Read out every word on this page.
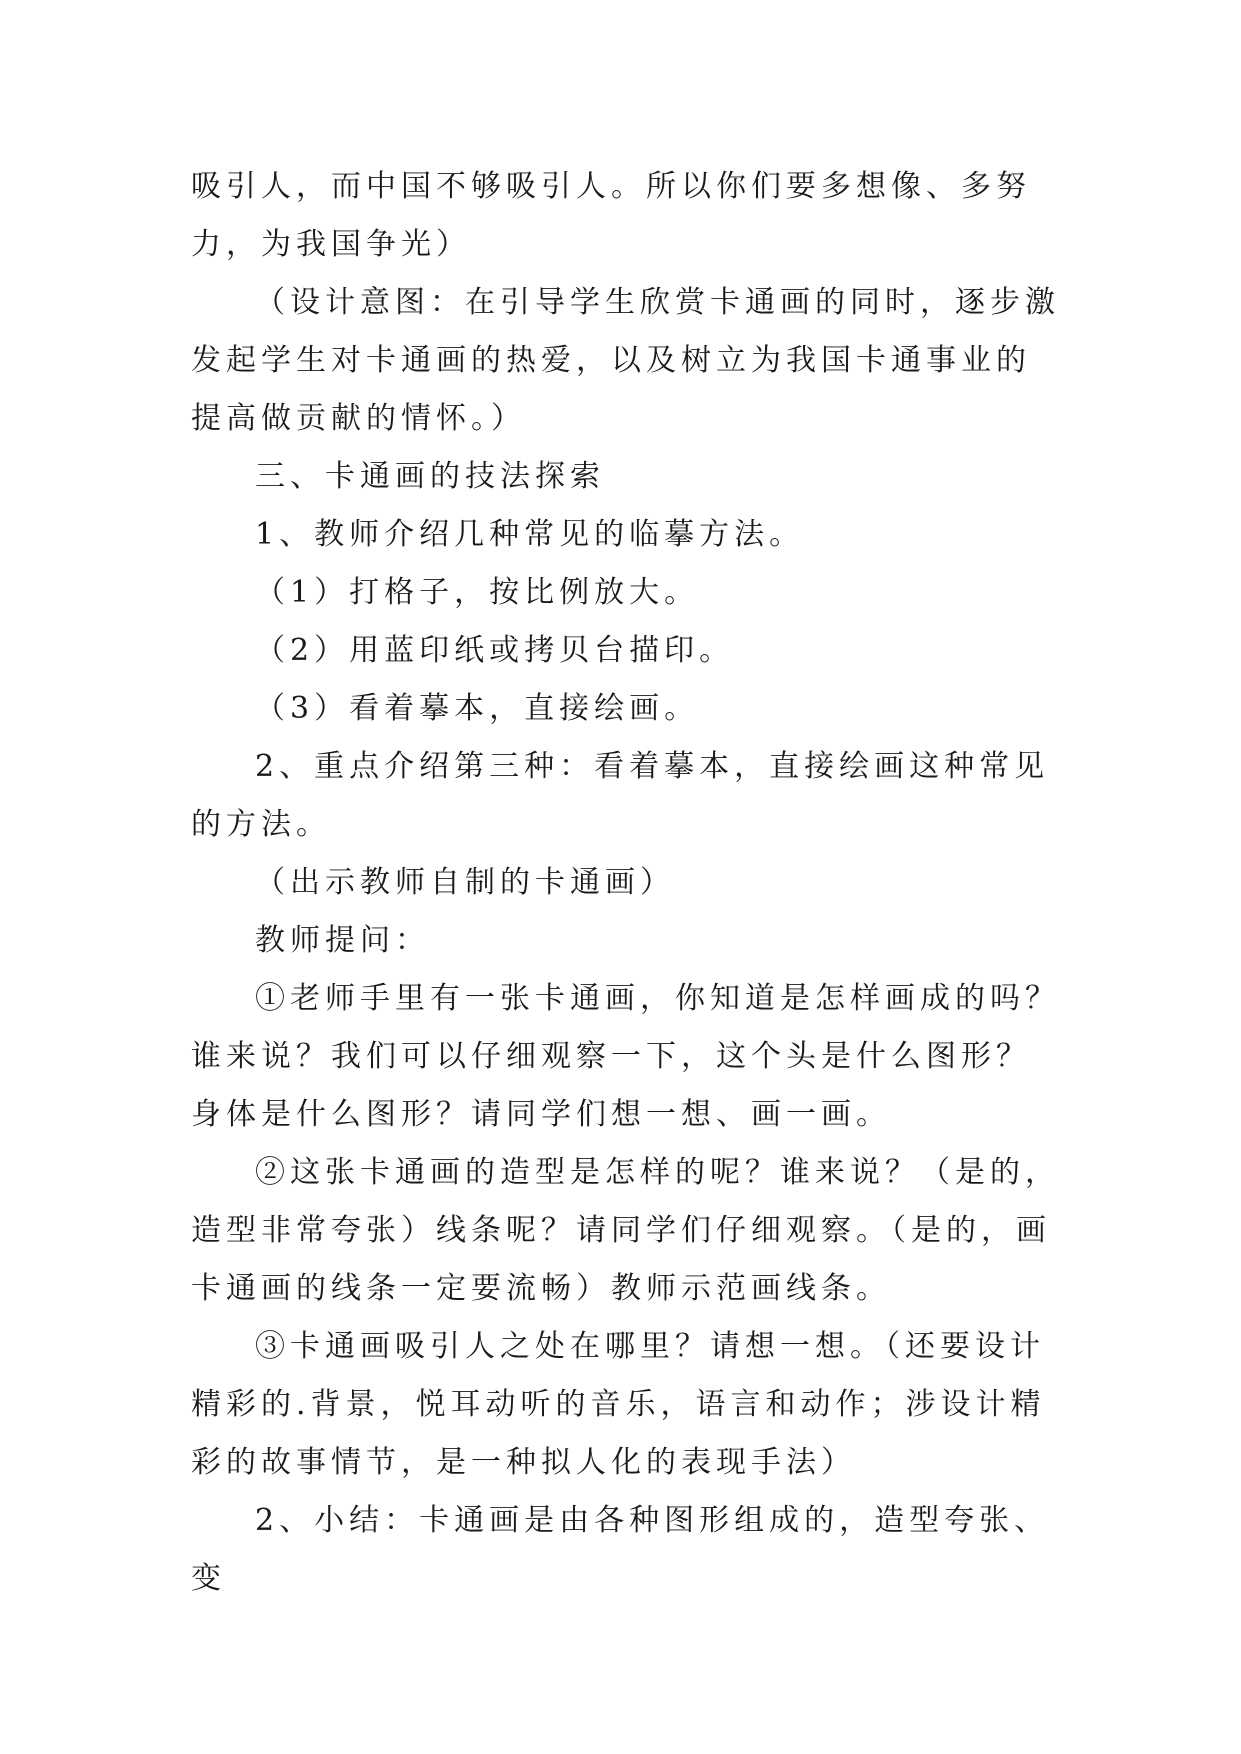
吸引人，而中国不够吸引人。所以你们要多想像、多努力，为我国争光）

（设计意图：在引导学生欣赏卡通画的同时，逐步激发起学生对卡通画的热爱，以及树立为我国卡通事业的提高做贡献的情怀。）

三、卡通画的技法探索

1、教师介绍几种常见的临摹方法。

（1）打格子，按比例放大。

（2）用蓝印纸或拷贝台描印。

（3）看着摹本，直接绘画。

2、重点介绍第三种：看着摹本，直接绘画这种常见的方法。

（出示教师自制的卡通画）

教师提问：

①老师手里有一张卡通画，你知道是怎样画成的吗？谁来说？我们可以仔细观察一下，这个头是什么图形？身体是什么图形？请同学们想一想、画一画。

②这张卡通画的造型是怎样的呢？谁来说？（是的，造型非常夸张）线条呢？请同学们仔细观察。（是的，画卡通画的线条一定要流畅）教师示范画线条。

③卡通画吸引人之处在哪里？请想一想。（还要设计精彩的.背景，悦耳动听的音乐，语言和动作；涉设计精彩的故事情节，是一种拟人化的表现手法）

2、小结：卡通画是由各种图形组成的，造型夸张、变
